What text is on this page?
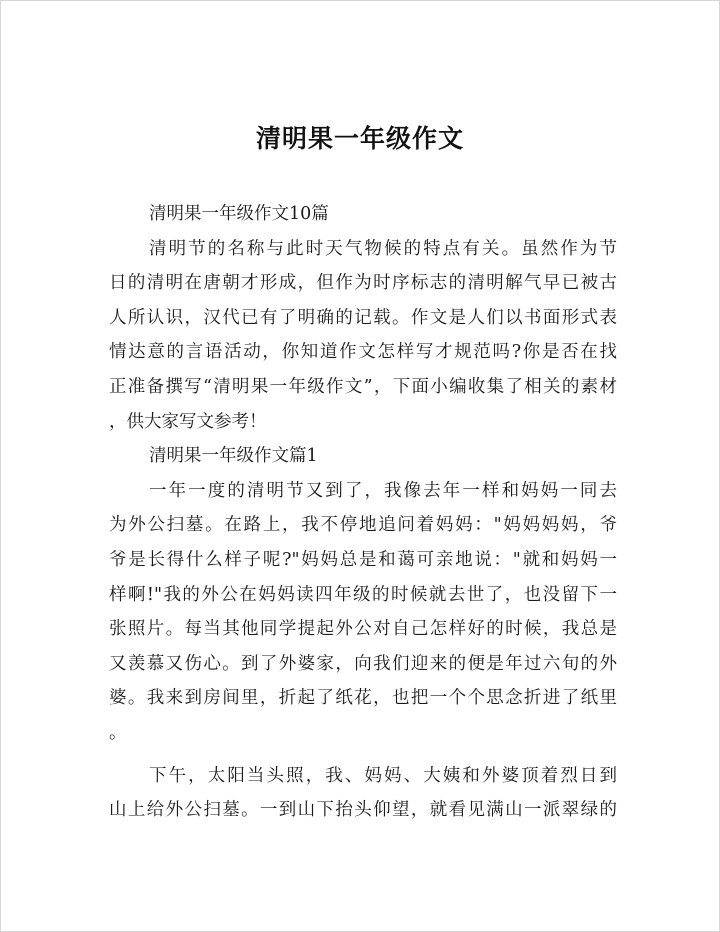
清明果一年级作文
清明果一年级作文10篇
清明节的名称与此时天气物候的特点有关。虽然作为节
日的清明在唐朝才形成，但作为时序标志的清明解气早已被古
人所认识，汉代已有了明确的记载。作文是人们以书面形式表
情达意的言语活动，你知道作文怎样写才规范吗?你是否在找
正准备撰写“清明果一年级作文”，下面小编收集了相关的素材
，供大家写文参考！
清明果一年级作文篇1
一年一度的清明节又到了，我像去年一样和妈妈一同去
为外公扫墓。在路上，我不停地追问着妈妈："妈妈妈妈，爷
爷是长得什么样子呢?"妈妈总是和蔼可亲地说："就和妈妈一
样啊!"我的外公在妈妈读四年级的时候就去世了，也没留下一
张照片。每当其他同学提起外公对自己怎样好的时候，我总是
又羡慕又伤心。到了外婆家，向我们迎来的便是年过六旬的外
婆。我来到房间里，折起了纸花，也把一个个思念折进了纸里
。
下午，太阳当头照，我、妈妈、大姨和外婆顶着烈日到
山上给外公扫墓。一到山下抬头仰望，就看见满山一派翠绿的
